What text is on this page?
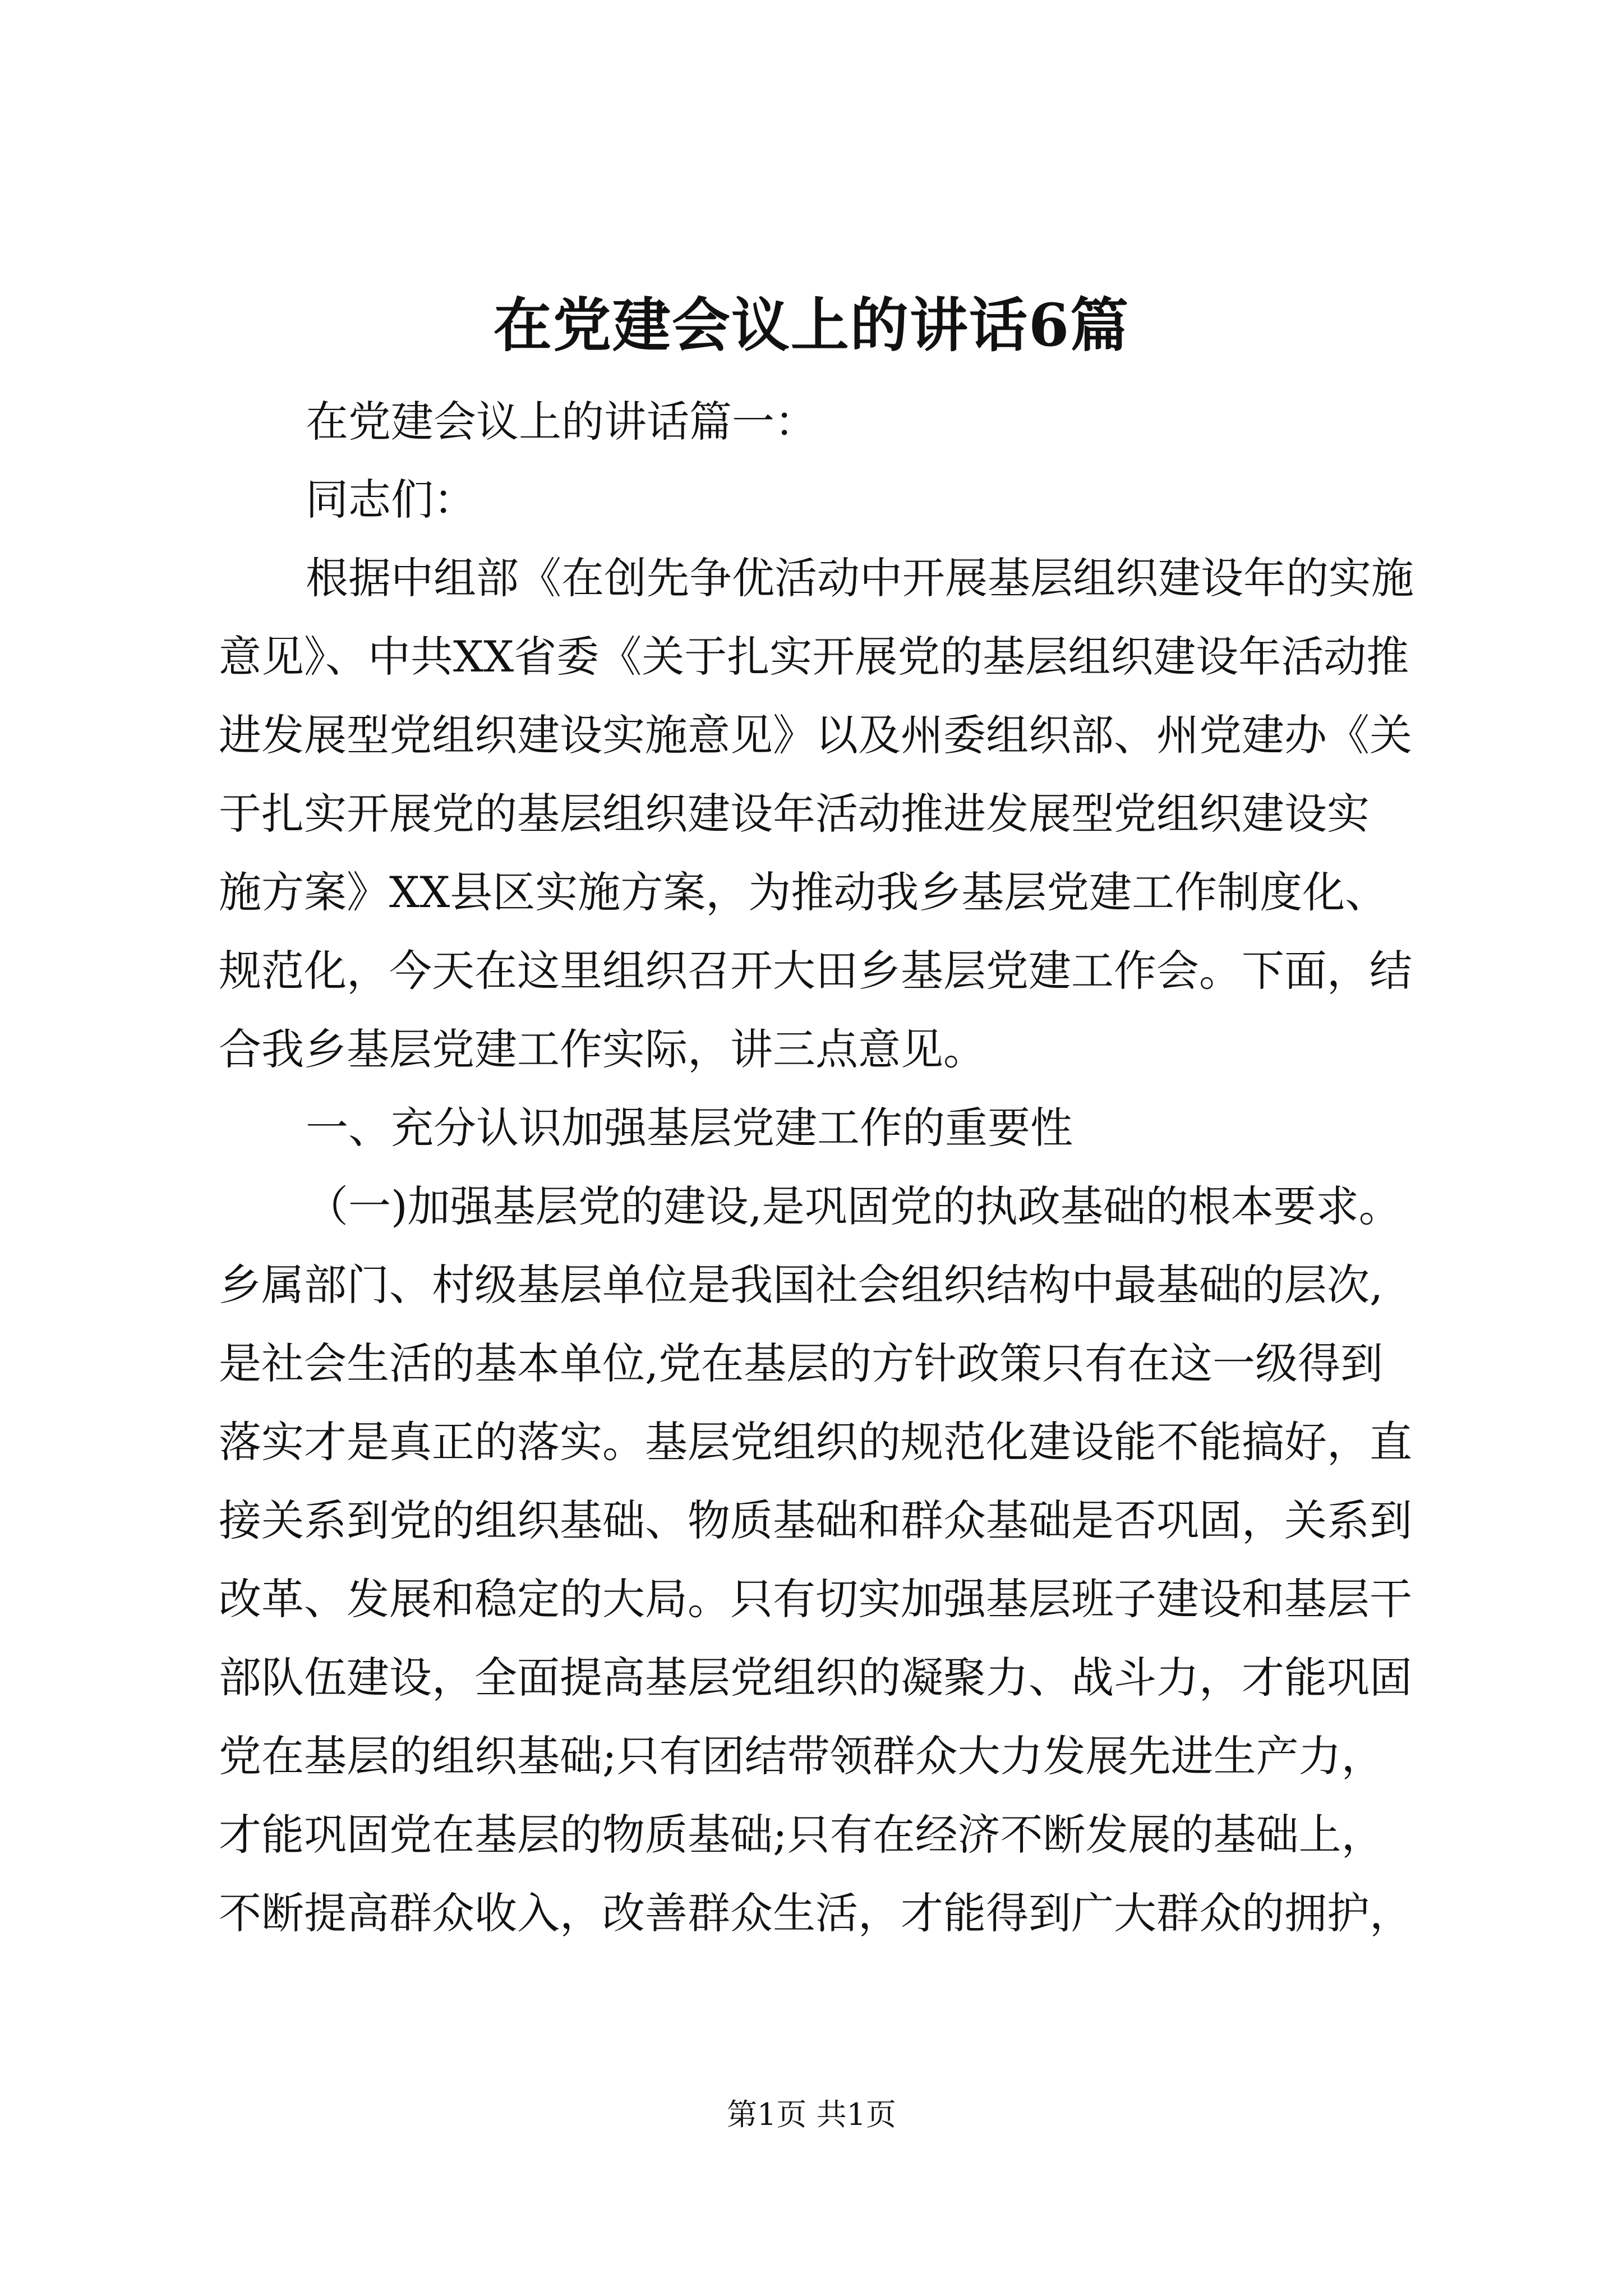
在党建会议上的讲话6篇

在党建会议上的讲话篇一：

同志们：

根据中组部《在创先争优活动中开展基层组织建设年的实施

意见》、中共XX省委《关于扎实开展党的基层组织建设年活动推

进发展型党组织建设实施意见》以及州委组织部、州党建办《关

于扎实开展党的基层组织建设年活动推进发展型党组织建设实

施方案》XX县区实施方案，为推动我乡基层党建工作制度化、

规范化，今天在这里组织召开大田乡基层党建工作会。下面，结

合我乡基层党建工作实际，讲三点意见。

一、充分认识加强基层党建工作的重要性

（一)加强基层党的建设,是巩固党的执政基础的根本要求。

乡属部门、村级基层单位是我国社会组织结构中最基础的层次,

是社会生活的基本单位,党在基层的方针政策只有在这一级得到

落实才是真正的落实。基层党组织的规范化建设能不能搞好，直

接关系到党的组织基础、物质基础和群众基础是否巩固，关系到

改革、发展和稳定的大局。只有切实加强基层班子建设和基层干

部队伍建设，全面提高基层党组织的凝聚力、战斗力，才能巩固

党在基层的组织基础;只有团结带领群众大力发展先进生产力，

才能巩固党在基层的物质基础;只有在经济不断发展的基础上，

不断提高群众收入，改善群众生活，才能得到广大群众的拥护，

第1页 共1页
